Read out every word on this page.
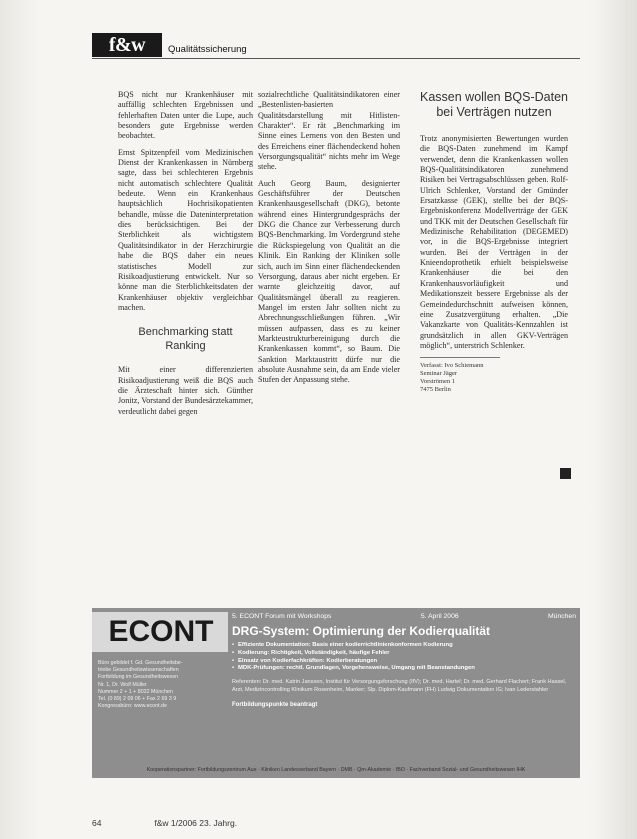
f&w	Qualitätssicherung

BQS nicht nur Krankenhäuser mit auffällig schlechten Ergebnissen und fehlerhaften Daten unter die Lupe, auch besonders gute Ergebnisse werden beobachtet.

Ernst Spitzenpfeil vom Medizinischen Dienst der Krankenkassen in Nürnberg sagte, dass bei schlechteren Ergebnis nicht automatisch schlechtere Qualität bedeute. Wenn ein Krankenhaus hauptsächlich Hochrisikopatienten behandle, müsse die Dateninterpretation dies berücksichtigen. Bei der Sterblichkeit als wichtigstem Qualitätsindikator in der Herzchirurgie habe die BQS daher ein neues statistisches Modell zur Risikoadjustierung entwickelt. Nur so könne man die Sterblichkeitsdaten der Krankenhäuser objektiv vergleichbar machen.

Benchmarking statt Ranking

Mit einer differenzierten Risikoadjustierung weiß die BQS auch die Ärzteschaft hinter sich. Günther Jonitz, Vorstand der Bundesärztekammer, verdeutlicht dabei gegen

sozialrechtliche Qualitätsindikatoren einer „Bestenlisten-basierten Qualitätsdarstellung mit Hitlisten-Charakter“. Er rät „Benchmarking im Sinne eines Lernens von den Besten und des Erreichens einer flächendeckend hohen Versorgungsqualität“ nichts mehr im Wege stehe.

Auch Georg Baum, designierter Geschäftsführer der Deutschen Krankenhausgesellschaft (DKG), betonte während eines Hintergrundgesprächs der DKG die Chance zur Verbesserung durch BQS-Benchmarking. Im Vordergrund stehe die Rückspiegelung von Qualität an die Klinik. Ein Ranking der Kliniken solle sich, auch im Sinn einer flächendeckenden Versorgung, daraus aber nicht ergeben. Er warnte gleichzeitig davor, auf Qualitätsmängel überall zu reagieren. Mangel im ersten Jahr sollten nicht zu Abrechnungsschließungen führen. „Wir müssen aufpassen, dass es zu keiner Markteustrukturbereinigung durch die Krankenkassen kommt“, so Baum. Die Sanktion Marktaustritt dürfe nur die absolute Ausnahme sein, da am Ende vieler Stufen der Anpassung stehe.

Kassen wollen BQS-Daten bei Verträgen nutzen

Trotz anonymisierten Bewertungen wurden die BQS-Daten zunehmend im Kampf verwendet, denn die Krankenkassen wollen BQS-Qualitätsindikatoren zunehmend Risiken bei Vertragsabschlüssen geben. Rolf-Ulrich Schlenker, Vorstand der Gmünder Ersatzkasse (GEK), stellte bei der BQS-Ergebniskonferenz Modellverträge der GEK und TKK mit der Deutschen Gesellschaft für Medizinische Rehabilitation (DEGEMED) vor, in die BQS-Ergebnisse integriert wurden. Bei der Verträgen in der Knieendoprothetik erhielt beispielsweise Krankenhäuser die bei den Krankenhausvorläufigkeit und Medikationszeit bessere Ergebnisse als der Gemeindedurchschnitt aufweisen können, eine Zusatzvergütung erhalten. „Die Vakanzkarte von Qualitäts-Kennzahlen ist grundsätzlich in allen GKV-Verträgen möglich“, unterstrich Schlenker.

Verfasst: Ivo Schiemann
Seminar Jäger
Vorströmen 1
7475 Berlin
ECONT
Büro gebildet f. Gd. Gesundheitsbe-
triebe Gesundheitswissenschaften
Fortbildung im Gesundheitswesen
Nr. 1, Dr. Wolf Müller
Nummer 2 + 1 + 8032 München
Tel. (0 89) 2 09 06 + Fax 2 69 3 9
Kongressbüro: www.econt.de
5. ECONT Forum mit Workshops	5. April 2006	München
DRG-System: Optimierung der Kodierqualität
• Effiziente Dokumentation: Basis einer kodierrichtlinienkonformen Kodierung
• Kodierung: Richtigkeit, Vollständigkeit, häufige Fehler
• Einsatz von Kodierfachkräften: Kodierberatungen
• MDK-Prüfungen: rechtl. Grundlagen, Vorgehensweise, Umgang mit Beanstandungen
Referenten: Dr. med. Katrin Janssen, Institut für Versorgungsforschung (IfV); Dr. med. Hartel; Dr. med. Gerhard Flachert; Frank Hassel, Arzt, Medizincontrolling Klinikum Rosenheim, Manker; Slp. Diplom-Kaufmann (FH) Ludwig Dokumentation IG; Ivan Lederstahler
Fortbildungspunkte beantragt
Kooperationspartner: Fortbildungszentrum Aue · Kliniken Landesverband Bayern · DMB · Qm-Akademie · IBO · Fachverband Sozial- und Gesundheitswesen IHK
64	f&w 1/2006 23. Jahrg.
